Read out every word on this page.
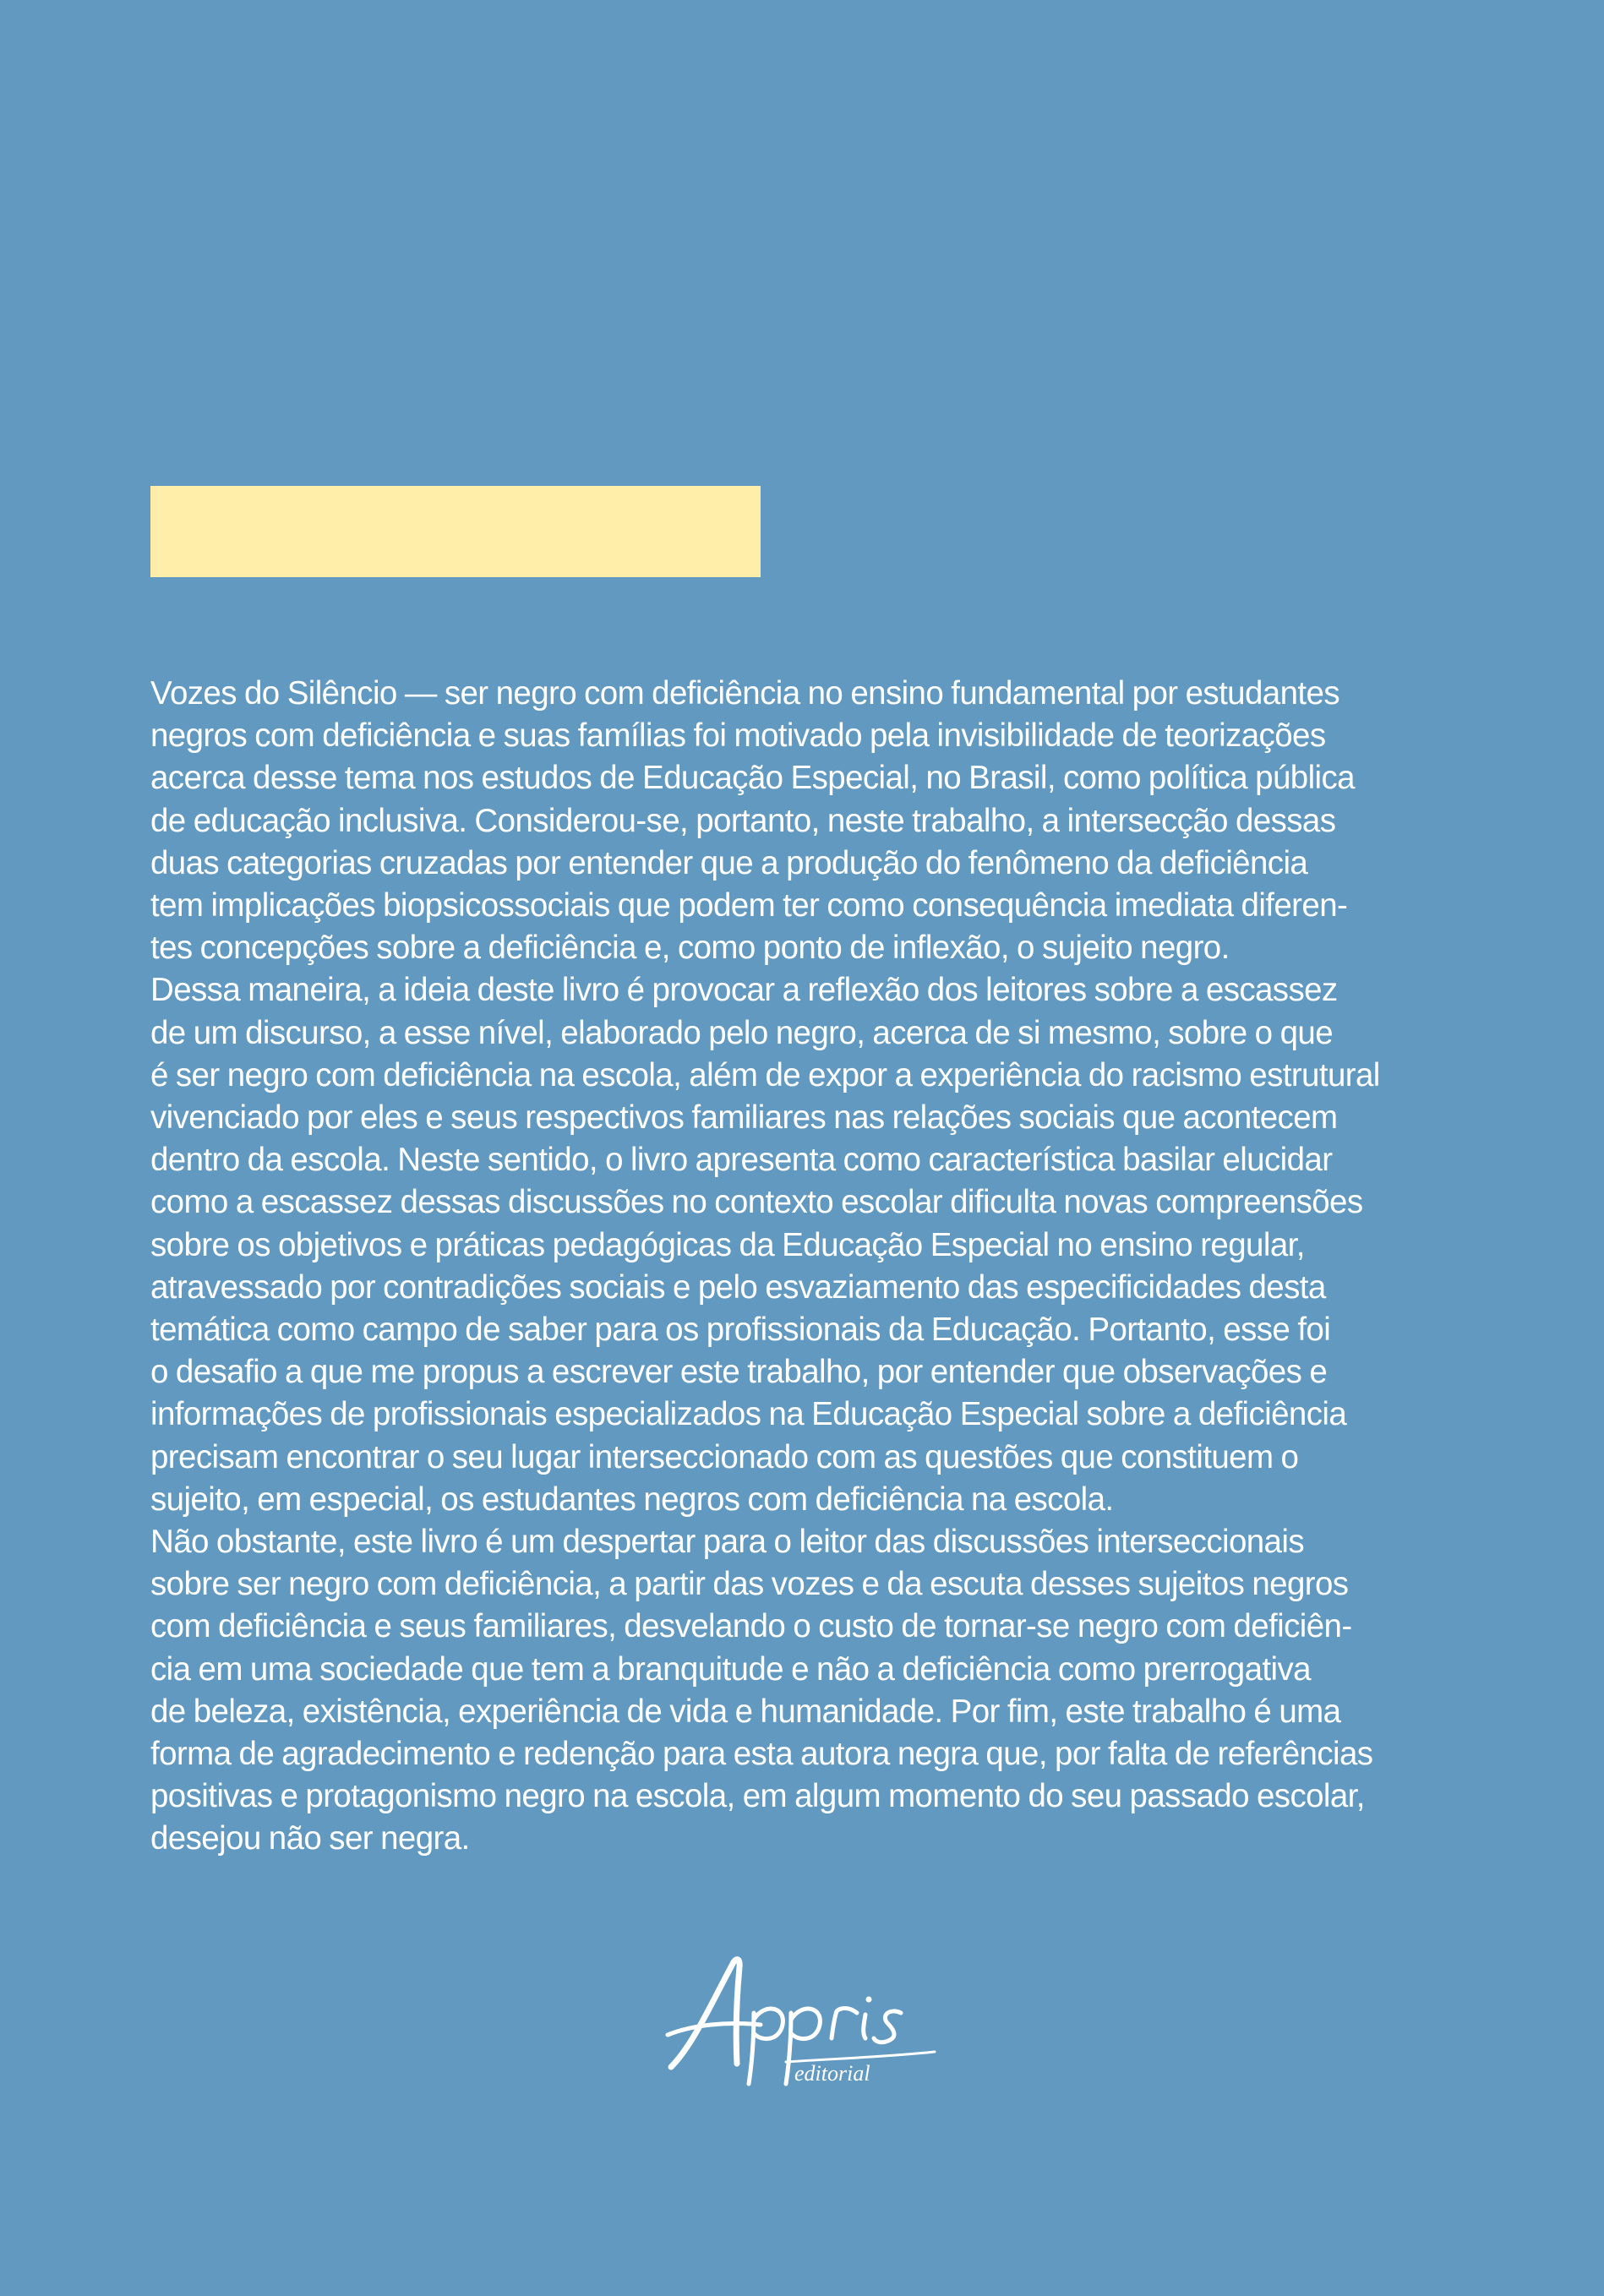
Vozes do Silêncio — ser negro com deficiência no ensino fundamental por estudantes

negros com deficiência e suas famílias foi motivado pela invisibilidade de teorizações

acerca desse tema nos estudos de Educação Especial, no Brasil, como política pública

de educação inclusiva. Considerou-se, portanto, neste trabalho, a intersecção dessas

duas categorias cruzadas por entender que a produção do fenômeno da deficiência

tem implicações biopsicossociais que podem ter como consequência imediata diferen-

tes concepções sobre a deficiência e, como ponto de inflexão, o sujeito negro.

Dessa maneira, a ideia deste livro é provocar a reflexão dos leitores sobre a escassez

de um discurso, a esse nível, elaborado pelo negro, acerca de si mesmo, sobre o que

é ser negro com deficiência na escola, além de expor a experiência do racismo estrutural

vivenciado por eles e seus respectivos familiares nas relações sociais que acontecem

dentro da escola. Neste sentido, o livro apresenta como característica basilar elucidar

como a escassez dessas discussões no contexto escolar dificulta novas compreensões

sobre os objetivos e práticas pedagógicas da Educação Especial no ensino regular,

atravessado por contradições sociais e pelo esvaziamento das especificidades desta

temática como campo de saber para os profissionais da Educação. Portanto, esse foi

o desafio a que me propus a escrever este trabalho, por entender que observações e

informações de profissionais especializados na Educação Especial sobre a deficiência

precisam encontrar o seu lugar interseccionado com as questões que constituem o

sujeito, em especial, os estudantes negros com deficiência na escola.

Não obstante, este livro é um despertar para o leitor das discussões interseccionais

sobre ser negro com deficiência, a partir das vozes e da escuta desses sujeitos negros

com deficiência e seus familiares, desvelando o custo de tornar-se negro com deficiên-

cia em uma sociedade que tem a branquitude e não a deficiência como prerrogativa

de beleza, existência, experiência de vida e humanidade. Por fim, este trabalho é uma

forma de agradecimento e redenção para esta autora negra que, por falta de referências

positivas e protagonismo negro na escola, em algum momento do seu passado escolar,

desejou não ser negra.

editorial
